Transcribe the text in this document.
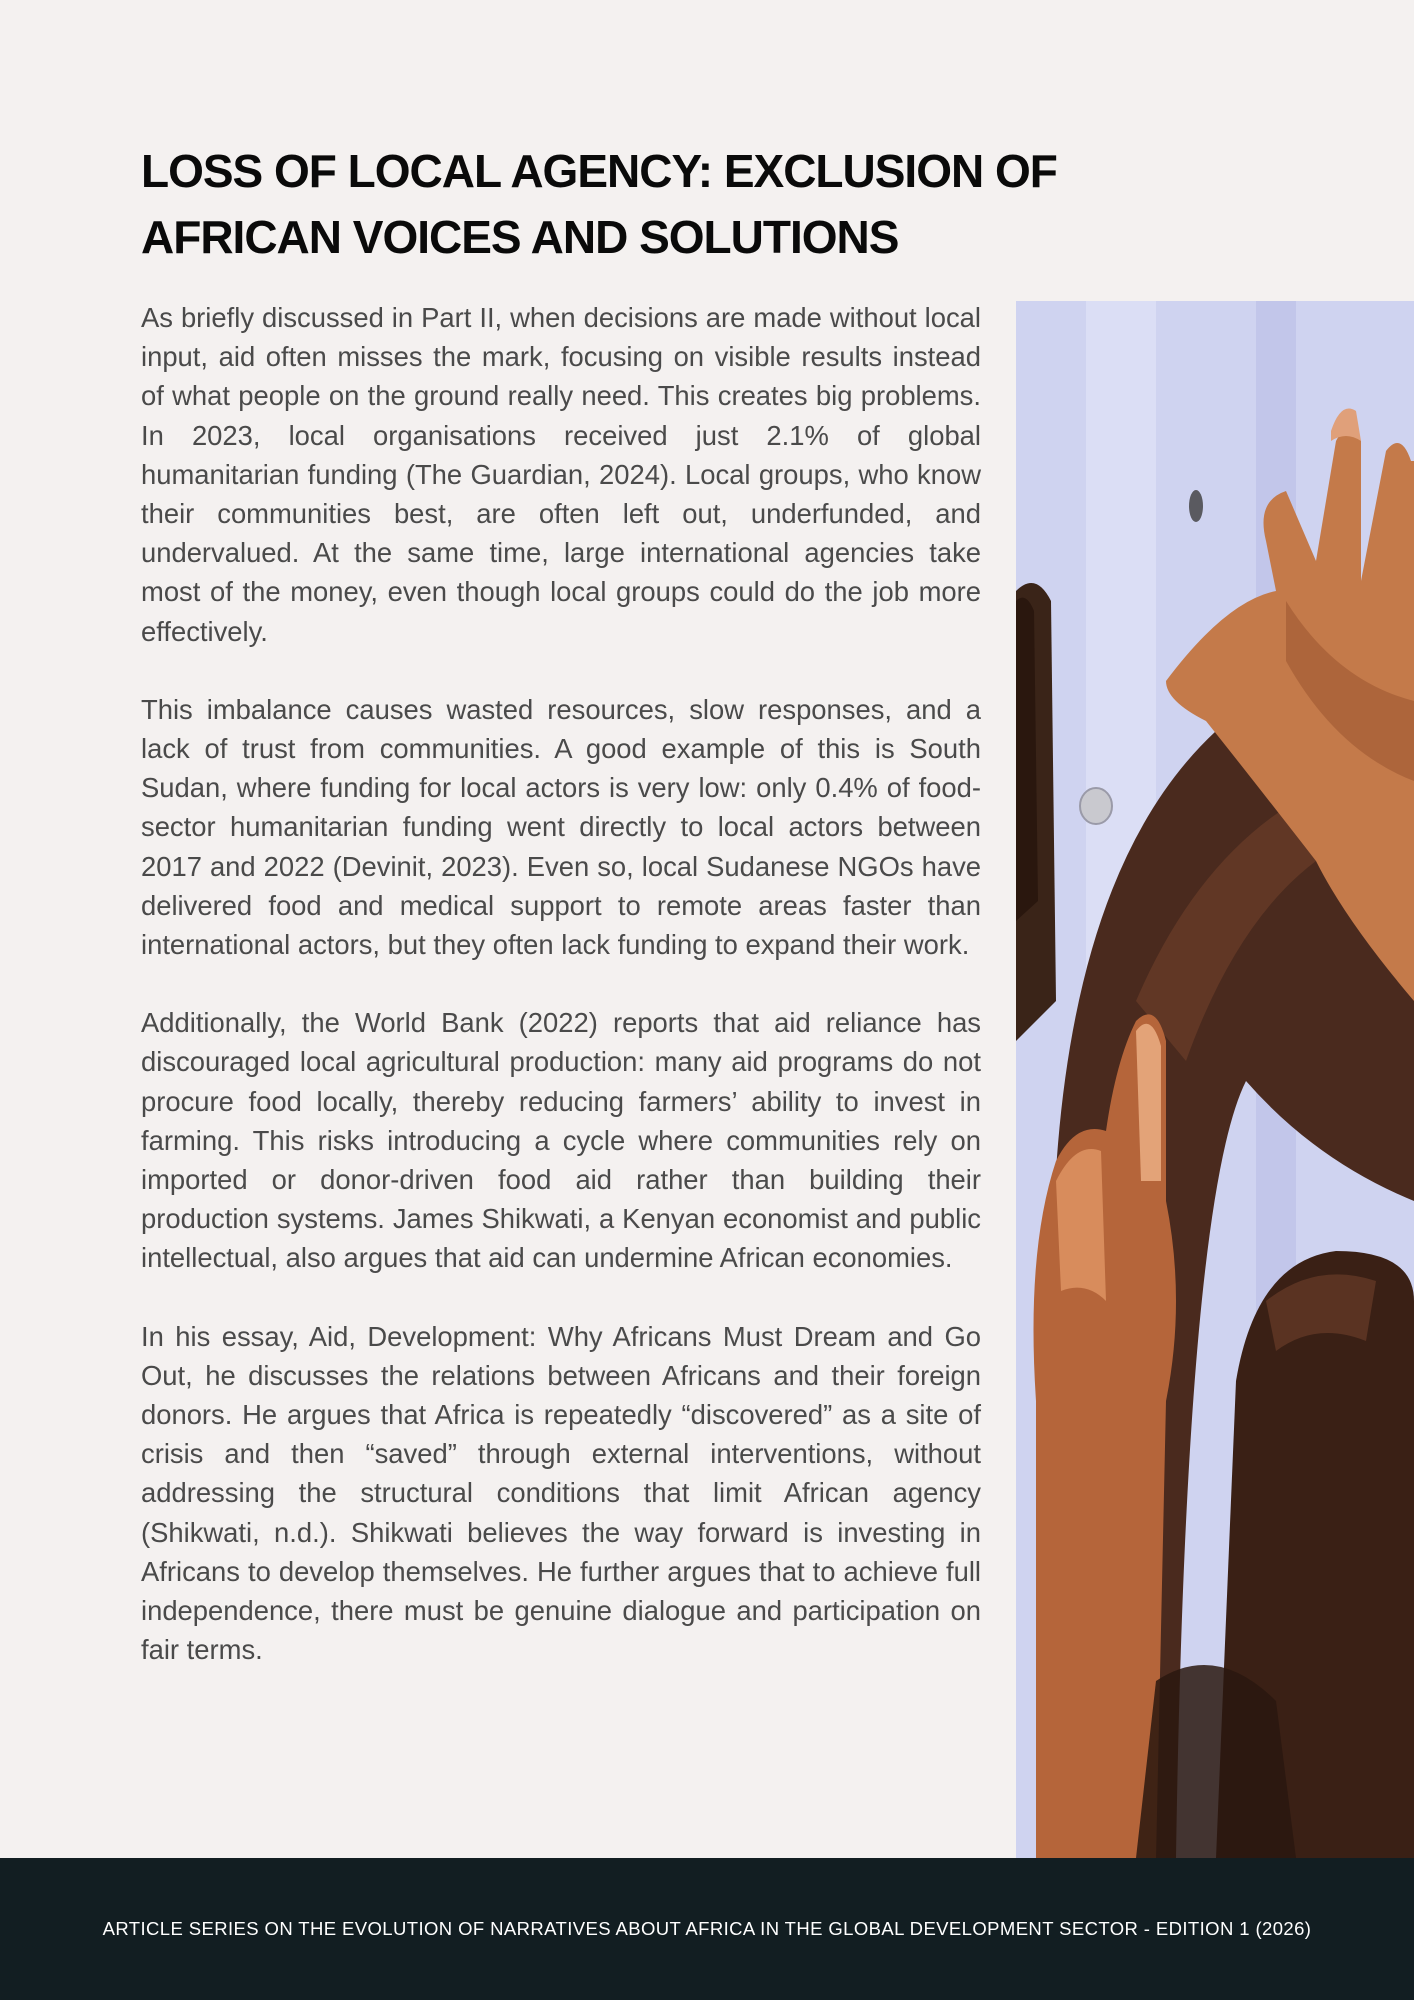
LOSS OF LOCAL AGENCY: EXCLUSION OF AFRICAN VOICES AND SOLUTIONS

As briefly discussed in Part II, when decisions are made without local input, aid often misses the mark, focusing on visible results instead of what people on the ground really need. This creates big problems. In 2023, local organisations received just 2.1% of global humanitarian funding (The Guardian, 2024). Local groups, who know their communities best, are often left out, underfunded, and undervalued. At the same time, large international agencies take most of the money, even though local groups could do the job more effectively.

This imbalance causes wasted resources, slow responses, and a lack of trust from communities. A good example of this is South Sudan, where funding for local actors is very low: only 0.4% of food-sector humanitarian funding went directly to local actors between 2017 and 2022 (Devinit, 2023). Even so, local Sudanese NGOs have delivered food and medical support to remote areas faster than international actors, but they often lack funding to expand their work.

Additionally, the World Bank (2022) reports that aid reliance has discouraged local agricultural production: many aid programs do not procure food locally, thereby reducing farmers’ ability to invest in farming. This risks introducing a cycle where communities rely on imported or donor-driven food aid rather than building their production systems. James Shikwati, a Kenyan economist and public intellectual, also argues that aid can undermine African economies.

In his essay, Aid, Development: Why Africans Must Dream and Go Out, he discusses the relations between Africans and their foreign donors. He argues that Africa is repeatedly “discovered” as a site of crisis and then “saved” through external interventions, without addressing the structural conditions that limit African agency (Shikwati, n.d.). Shikwati believes the way forward is investing in Africans to develop themselves. He further argues that to achieve full independence, there must be genuine dialogue and participation on fair terms.

ARTICLE SERIES ON THE EVOLUTION OF NARRATIVES ABOUT AFRICA IN THE GLOBAL DEVELOPMENT SECTOR - EDITION 1 (2026)
